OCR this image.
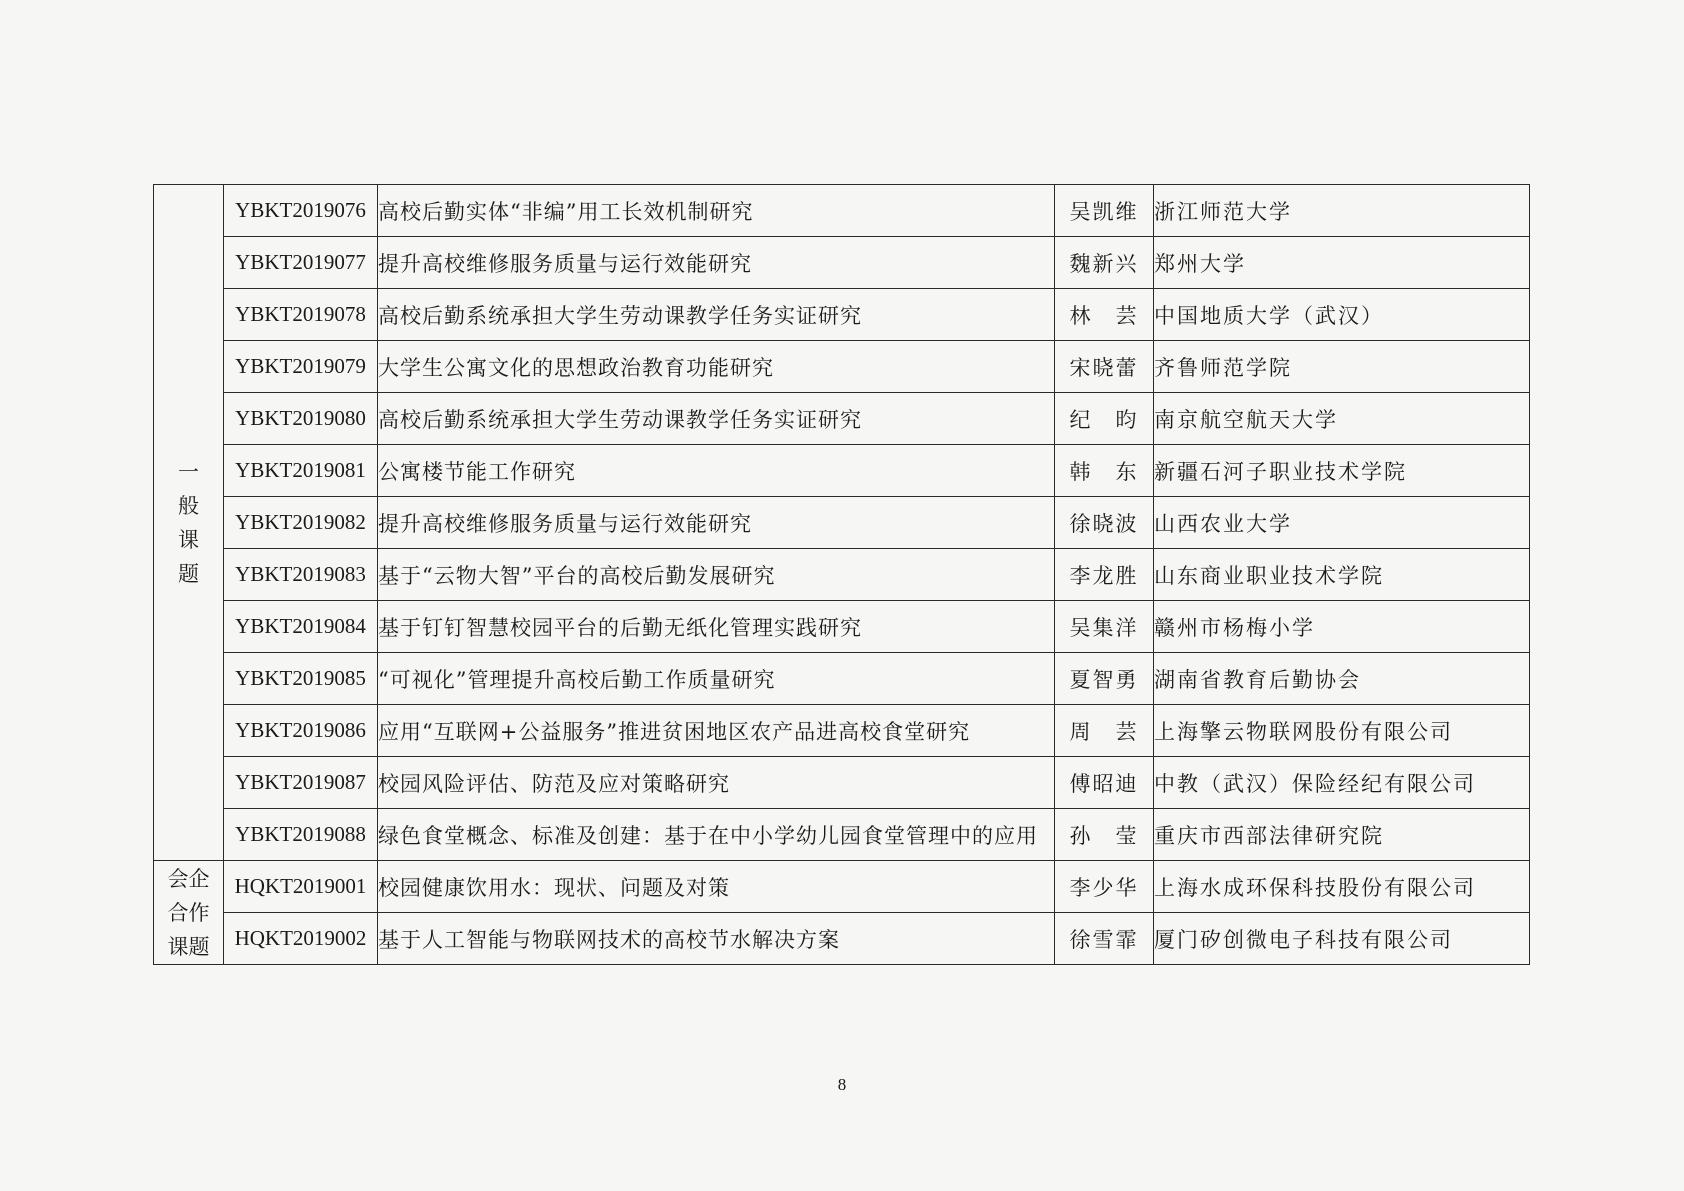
一
般
课
题	YBKT2019076	高校后勤实体“非编”用工长效机制研究	吴凯维	浙江师范大学
	YBKT2019077	提升高校维修服务质量与运行效能研究	魏新兴	郑州大学
	YBKT2019078	高校后勤系统承担大学生劳动课教学任务实证研究	林　芸	中国地质大学（武汉）
	YBKT2019079	大学生公寓文化的思想政治教育功能研究	宋晓蕾	齐鲁师范学院
	YBKT2019080	高校后勤系统承担大学生劳动课教学任务实证研究	纪　昀	南京航空航天大学
	YBKT2019081	公寓楼节能工作研究	韩　东	新疆石河子职业技术学院
	YBKT2019082	提升高校维修服务质量与运行效能研究	徐晓波	山西农业大学
	YBKT2019083	基于“云物大智”平台的高校后勤发展研究	李龙胜	山东商业职业技术学院
	YBKT2019084	基于钉钉智慧校园平台的后勤无纸化管理实践研究	吴集洋	赣州市杨梅小学
	YBKT2019085	“可视化”管理提升高校后勤工作质量研究	夏智勇	湖南省教育后勤协会
	YBKT2019086	应用“互联网+公益服务”推进贫困地区农产品进高校食堂研究	周　芸	上海擎云物联网股份有限公司
	YBKT2019087	校园风险评估、防范及应对策略研究	傅昭迪	中教（武汉）保险经纪有限公司
	YBKT2019088	绿色食堂概念、标准及创建：基于在中小学幼儿园食堂管理中的应用	孙　莹	重庆市西部法律研究院

会企
合作
课题	HQKT2019001	校园健康饮用水：现状、问题及对策	李少华	上海水成环保科技股份有限公司
	HQKT2019002	基于人工智能与物联网技术的高校节水解决方案	徐雪霏	厦门矽创微电子科技有限公司
8
